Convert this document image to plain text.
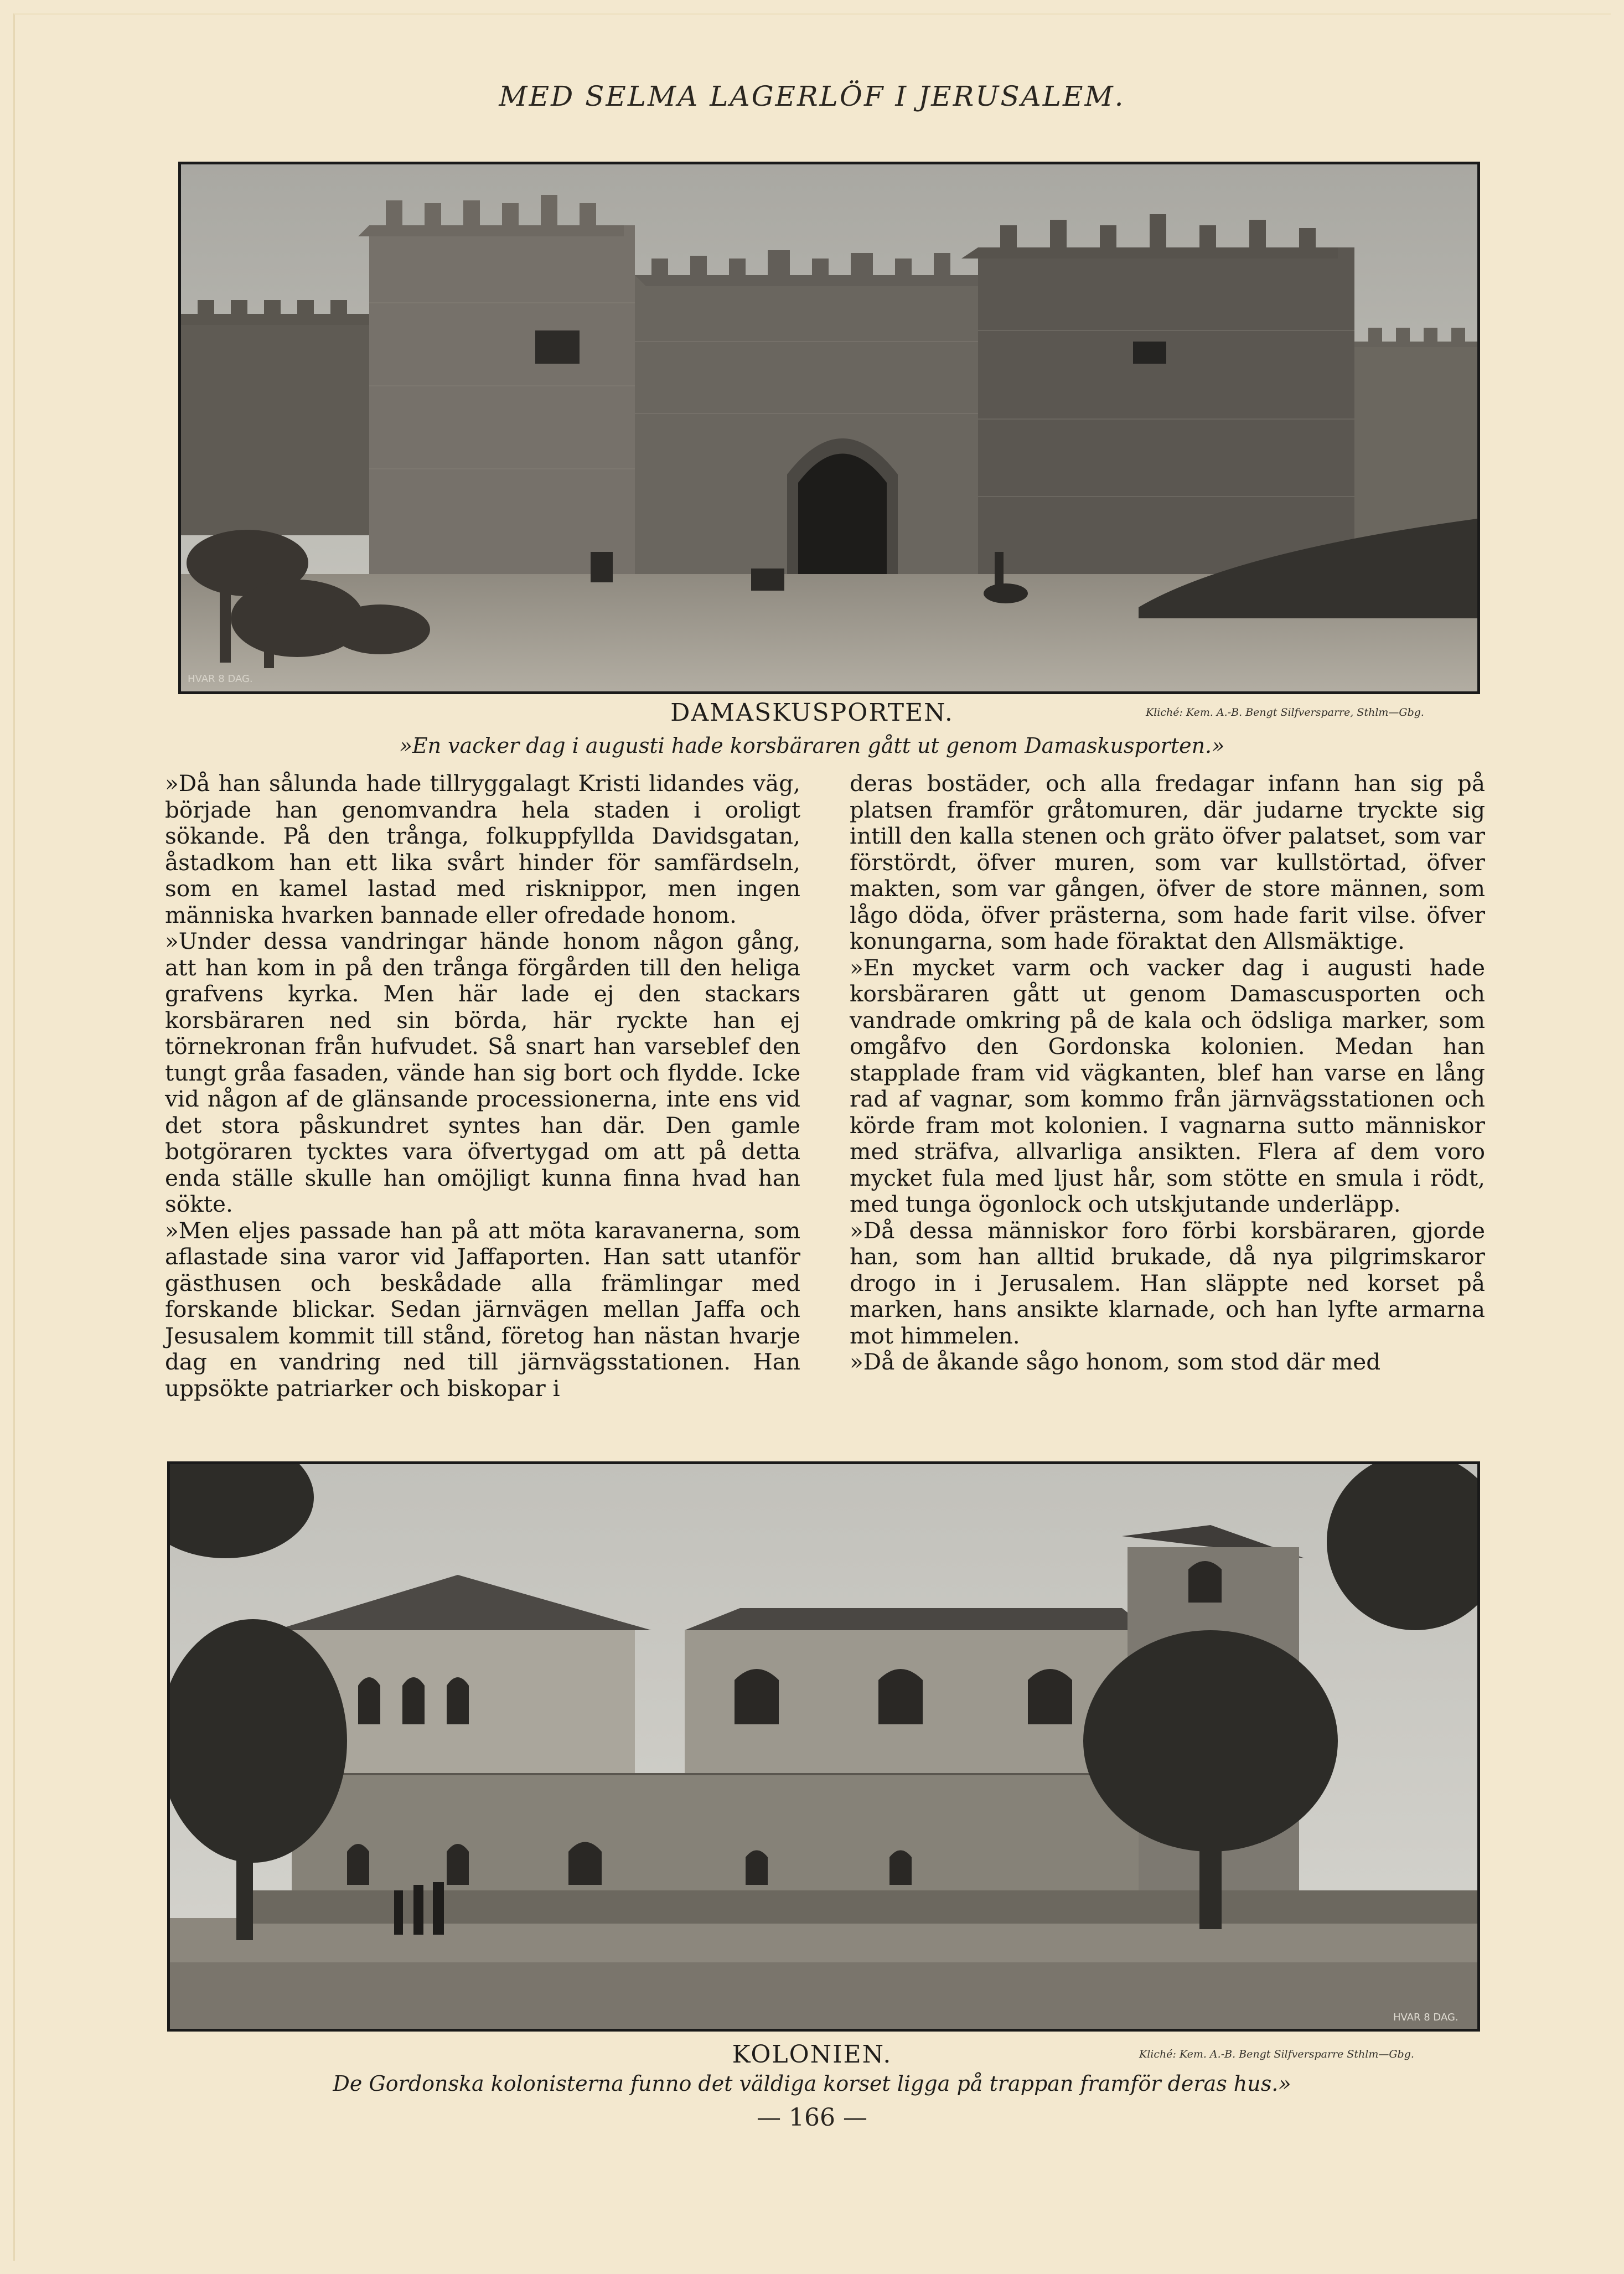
MED SELMA LAGERLÖF I JERUSALEM.
HVAR 8 DAG.
DAMASKUSPORTEN.	Kliché: Kem. A.-B. Bengt Silfversparre, Sthlm—Gbg.
»En vacker dag i augusti hade korsbäraren gått ut genom Damaskusporten.»

»Då han sålunda hade tillryggalagt Kristi lidandes väg, började han genomvandra hela staden i oroligt sökande. På den trånga, folkuppfyllda Davidsgatan, åstadkom han ett lika svårt hinder för samfärdseln, som en kamel lastad med risknippor, men ingen människa hvarken bannade eller ofredade honom.

»Under dessa vandringar hände honom någon gång, att han kom in på den trånga förgården till den heliga grafvens kyrka. Men här lade ej den stackars korsbäraren ned sin börda, här ryckte han ej törnekronan från hufvudet. Så snart han varseblef den tungt gråa fasaden, vände han sig bort och flydde. Icke vid någon af de glänsande processionerna, inte ens vid det stora påskundret syntes han där. Den gamle botgöraren tycktes vara öfvertygad om att på detta enda ställe skulle han omöjligt kunna finna hvad han sökte.

»Men eljes passade han på att möta karavanerna, som aflastade sina varor vid Jaffaporten. Han satt utanför gästhusen och beskådade alla främlingar med forskande blickar. Sedan järnvägen mellan Jaffa och Jesusalem kommit till stånd, företog han nästan hvarje dag en vandring ned till järnvägsstationen. Han uppsökte patriarker och biskopar i

deras bostäder, och alla fredagar infann han sig på platsen framför gråtomuren, där judarne tryckte sig intill den kalla stenen och gräto öfver palatset, som var förstördt, öfver muren, som var kullstörtad, öfver makten, som var gången, öfver de store männen, som lågo döda, öfver prästerna, som hade farit vilse. öfver konungarna, som hade föraktat den Allsmäktige.

»En mycket varm och vacker dag i augusti hade korsbäraren gått ut genom Damascusporten och vandrade omkring på de kala och ödsliga marker, som omgåfvo den Gordonska kolonien. Medan han stapplade fram vid vägkanten, blef han varse en lång rad af vagnar, som kommo från järnvägsstationen och körde fram mot kolonien. I vagnarna sutto människor med sträfva, allvarliga ansikten. Flera af dem voro mycket fula med ljust hår, som stötte en smula i rödt, med tunga ögonlock och utskjutande underläpp.

»Då dessa människor foro förbi korsbäraren, gjorde han, som han alltid brukade, då nya pilgrimskaror drogo in i Jerusalem. Han släppte ned korset på marken, hans ansikte klarnade, och han lyfte armarna mot himmelen.

»Då de åkande sågo honom, som stod där med

HVAR 8 DAG.
KOLONIEN.	Kliché: Kem. A.-B. Bengt Silfversparre Sthlm—Gbg.
De Gordonska kolonisterna funno det väldiga korset ligga på trappan framför deras hus.»
— 166 —
